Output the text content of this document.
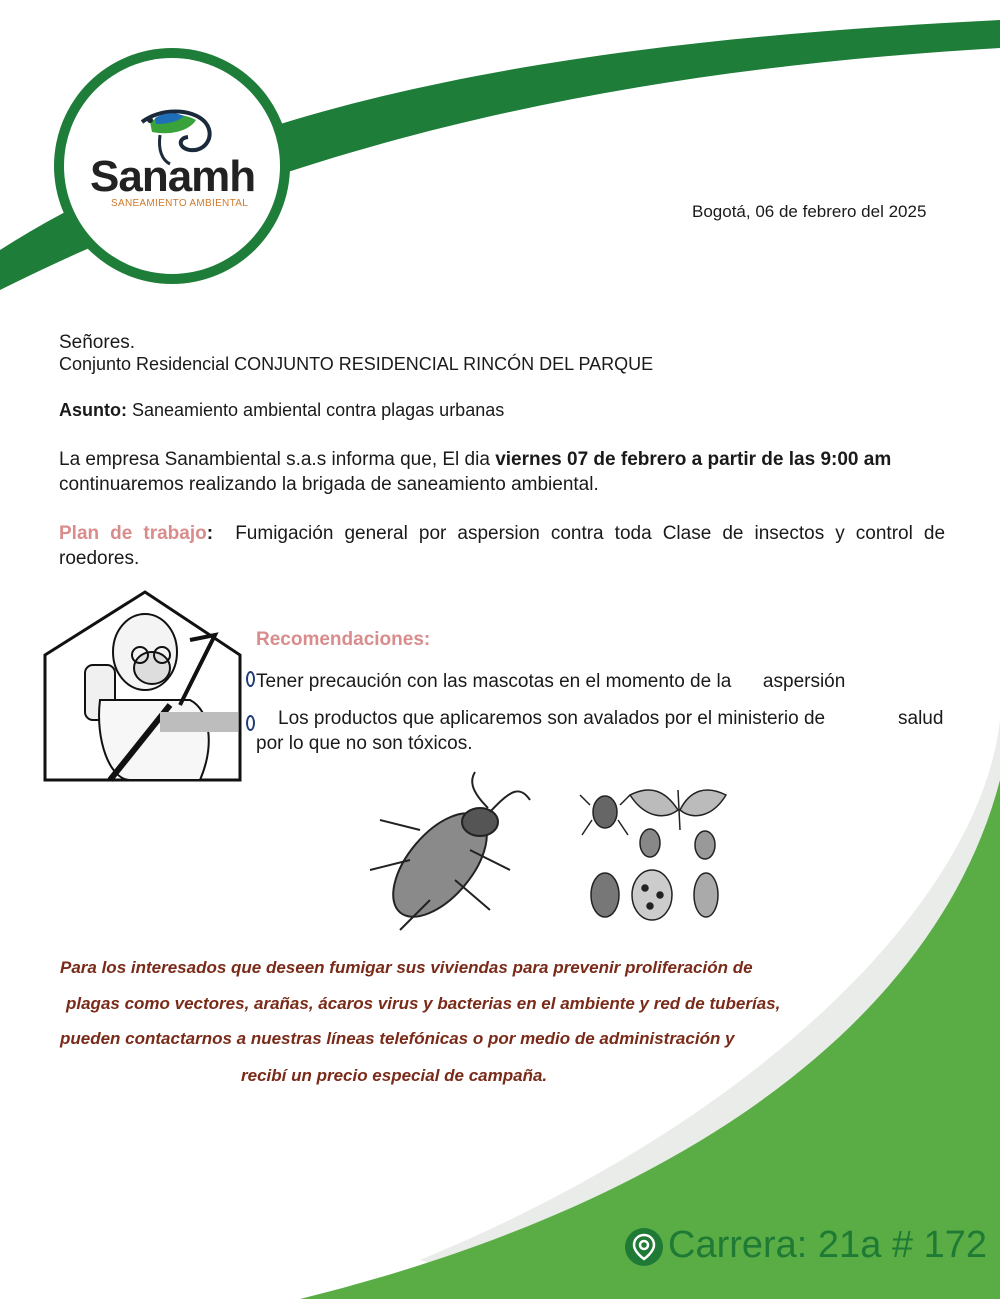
Sanamh
SANEAMIENTO AMBIENTAL	Bogotá, 06 de febrero del 2025
Señores.
Conjunto Residencial CONJUNTO RESIDENCIAL RINCÓN DEL PARQUE
Asunto: Saneamiento ambiental contra plagas urbanas
La empresa Sanambiental s.a.s informa que, El dia viernes 07 de febrero a partir de las 9:00 am
continuaremos realizando la brigada de saneamiento ambiental.
Plan de trabajo: Fumigación general por aspersion contra toda Clase de insectos y control de
roedores.
Recomendaciones:
Tener precaución con las mascotas en el momento de la      aspersión
Los productos que aplicaremos son avalados por el ministerio de	salud
por lo que no son tóxicos.
Para los interesados que deseen fumigar sus viviendas para prevenir proliferación de
plagas como vectores, arañas, ácaros virus y bacterias en el ambiente y red de tuberías,
pueden contactarnos a nuestras líneas telefónicas o por medio de administración y
recibí un precio especial de campaña.
Carrera: 21a # 172
